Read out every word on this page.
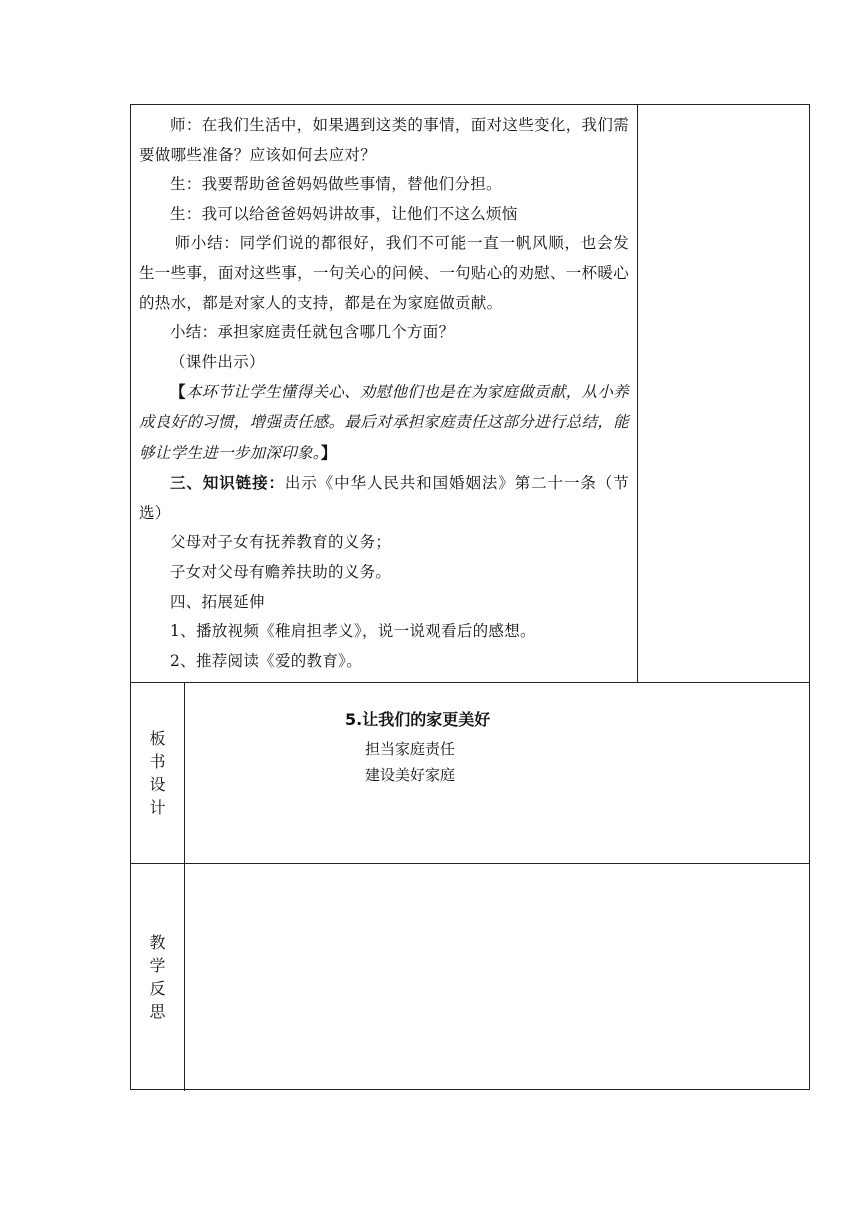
师：在我们生活中，如果遇到这类的事情，面对这些变化，我们需要做哪些准备？应该如何去应对？

生：我要帮助爸爸妈妈做些事情，替他们分担。

生：我可以给爸爸妈妈讲故事，让他们不这么烦恼

师小结：同学们说的都很好，我们不可能一直一帆风顺，也会发生一些事，面对这些事，一句关心的问候、一句贴心的劝慰、一杯暖心的热水，都是对家人的支持，都是在为家庭做贡献。

小结：承担家庭责任就包含哪几个方面？

（课件出示）

【本环节让学生懂得关心、劝慰他们也是在为家庭做贡献，从小养成良好的习惯，增强责任感。最后对承担家庭责任这部分进行总结，能够让学生进一步加深印象。】

三、知识链接：出示《中华人民共和国婚姻法》第二十一条（节选）

父母对子女有抚养教育的义务；

子女对父母有赡养扶助的义务。

四、拓展延伸

1、播放视频《稚肩担孝义》，说一说观看后的感想。

2、推荐阅读《爱的教育》。

板书设计
5.让我们的家更美好
担当家庭责任
建设美好家庭
教学反思
